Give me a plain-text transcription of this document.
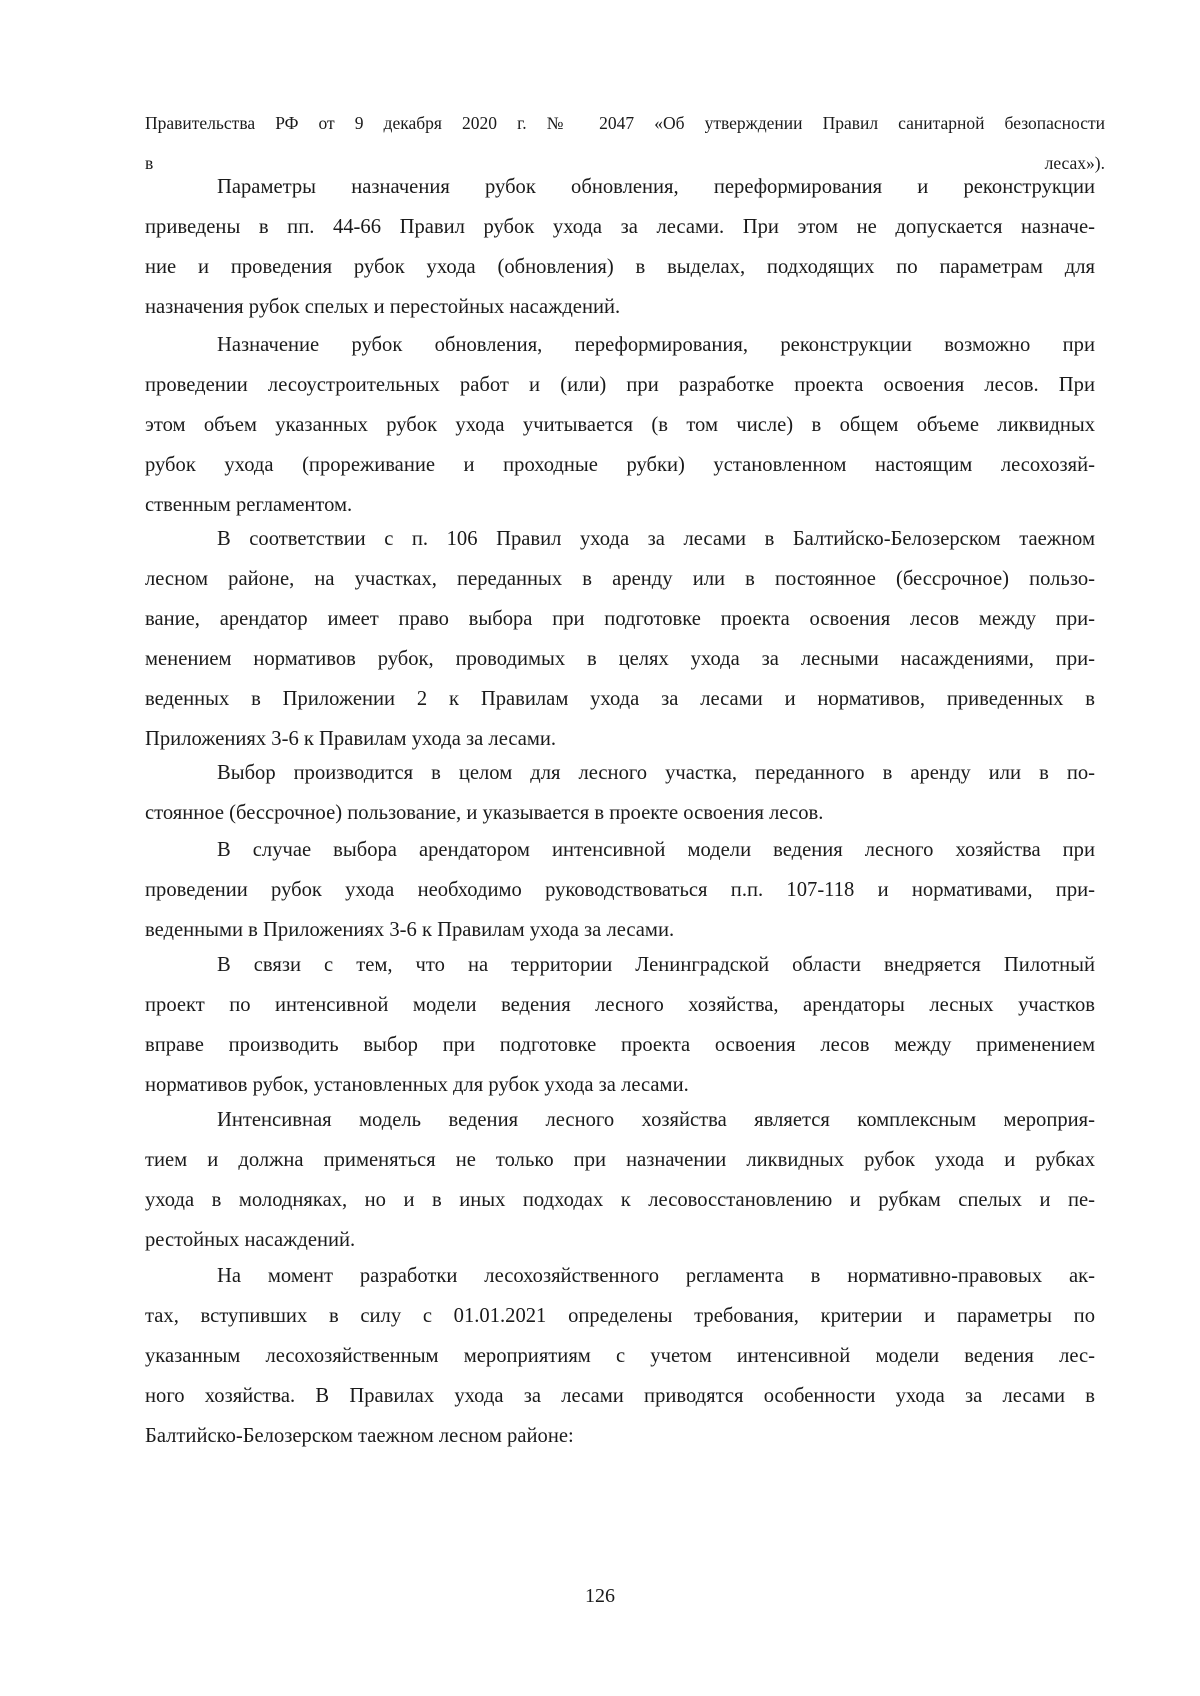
Правительства РФ от 9 декабря 2020 г. № 2047 «Об утверждении Правил санитарной безопасности
в лесах»).
Параметры назначения рубок обновления, переформирования и реконструкции
приведены в пп. 44-66 Правил рубок ухода за лесами. При этом не допускается назначе-
ние и проведения рубок ухода (обновления) в выделах, подходящих по параметрам для
назначения рубок спелых и перестойных насаждений.
Назначение рубок обновления, переформирования, реконструкции возможно при
проведении лесоустроительных работ и (или) при разработке проекта освоения лесов. При
этом объем указанных рубок ухода учитывается (в том числе) в общем объеме ликвидных
рубок ухода (прореживание и проходные рубки) установленном настоящим лесохозяй-
ственным регламентом.
В соответствии с п. 106 Правил ухода за лесами в Балтийско-Белозерском таежном
лесном районе, на участках, переданных в аренду или в постоянное (бессрочное) пользо-
вание, арендатор имеет право выбора при подготовке проекта освоения лесов между при-
менением нормативов рубок, проводимых в целях ухода за лесными насаждениями, при-
веденных в Приложении 2 к Правилам ухода за лесами и нормативов, приведенных в
Приложениях 3-6 к Правилам ухода за лесами.
Выбор производится в целом для лесного участка, переданного в аренду или в по-
стоянное (бессрочное) пользование, и указывается в проекте освоения лесов.
В случае выбора арендатором интенсивной модели ведения лесного хозяйства при
проведении рубок ухода необходимо руководствоваться п.п. 107-118 и нормативами, при-
веденными в Приложениях 3-6 к Правилам ухода за лесами.
В связи с тем, что на территории Ленинградской области внедряется Пилотный
проект по интенсивной модели ведения лесного хозяйства, арендаторы лесных участков
вправе производить выбор при подготовке проекта освоения лесов между применением
нормативов рубок, установленных для рубок ухода за лесами.
Интенсивная модель ведения лесного хозяйства является комплексным мероприя-
тием и должна применяться не только при назначении ликвидных рубок ухода и рубках
ухода в молодняках, но и в иных подходах к лесовосстановлению и рубкам спелых и пе-
рестойных насаждений.
На момент разработки лесохозяйственного регламента в нормативно-правовых ак-
тах, вступивших в силу с 01.01.2021 определены требования, критерии и параметры по
указанным лесохозяйственным мероприятиям с учетом интенсивной модели ведения лес-
ного хозяйства. В Правилах ухода за лесами приводятся особенности ухода за лесами в
Балтийско-Белозерском таежном лесном районе:
126
